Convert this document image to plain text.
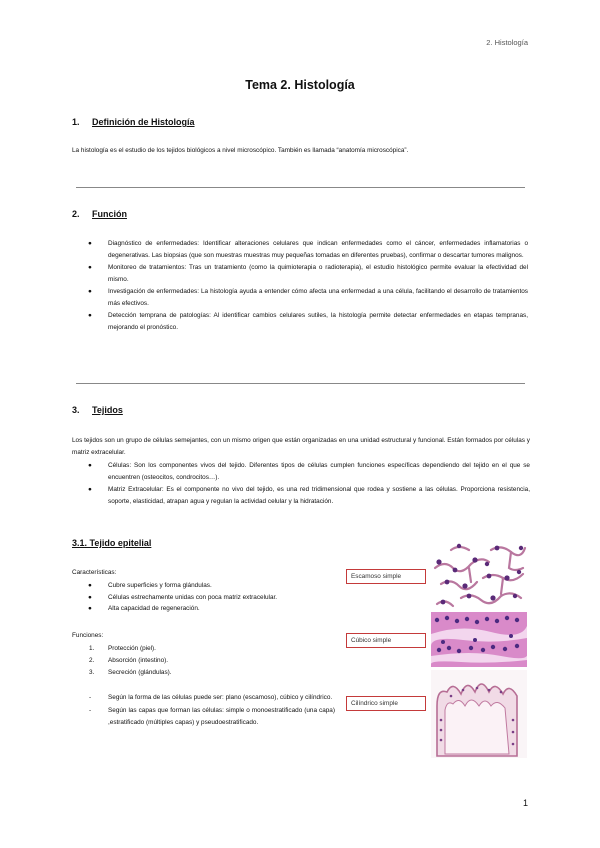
2. Histología
Tema 2. Histología
1. Definición de Histología
La histología es el estudio de los tejidos biológicos a nivel microscópico. También es llamada “anatomía microscópica”.
2. Función
●	Diagnóstico de enfermedades: Identificar alteraciones celulares que indican enfermedades como el cáncer, enfermedades inflamatorias o degenerativas. Las biopsias (que son muestras muestras muy pequeñas tomadas en diferentes pruebas), confirmar o descartar tumores malignos.
●	Monitoreo de tratamientos: Tras un tratamiento (como la quimioterapia o radioterapia), el estudio histológico permite evaluar la efectividad del mismo.
●	Investigación de enfermedades: La histología ayuda a entender cómo afecta una enfermedad a una célula, facilitando el desarrollo de tratamientos más efectivos.
●	Detección temprana de patologías: Al identificar cambios celulares sutiles, la histología permite detectar enfermedades en etapas tempranas, mejorando el pronóstico.
3. Tejidos
Los tejidos son un grupo de células semejantes, con un mismo origen que están organizadas en una unidad estructural y funcional. Están formados por células y matriz extracelular.
●	Células: Son los componentes vivos del tejido. Diferentes tipos de células cumplen funciones específicas dependiendo del tejido en el que se encuentren (osteocitos, condrocitos…).
●	Matriz Extracelular: Es el componente no vivo del tejido, es una red tridimensional que rodea y sostiene a las células. Proporciona resistencia, soporte, elasticidad, atrapan agua y regulan la actividad celular y la hidratación.
3.1. Tejido epitelial
Características:
●	Cubre superficies y forma glándulas.
●	Células estrechamente unidas con poca matriz extracelular.
●	Alta capacidad de regeneración.
Funciones:
1. Protección (piel).
2. Absorción (intestino).
3. Secreción (glándulas).
-	Según la forma de las células puede ser: plano (escamoso), cúbico y cilíndrico.
-	Según las capas que forman las células: simple o monoestratificado (una capa) ,estratificado (múltiples capas) y pseudoestratificado.
Escamoso simple
Cúbico simple
Cilíndrico simple
1
